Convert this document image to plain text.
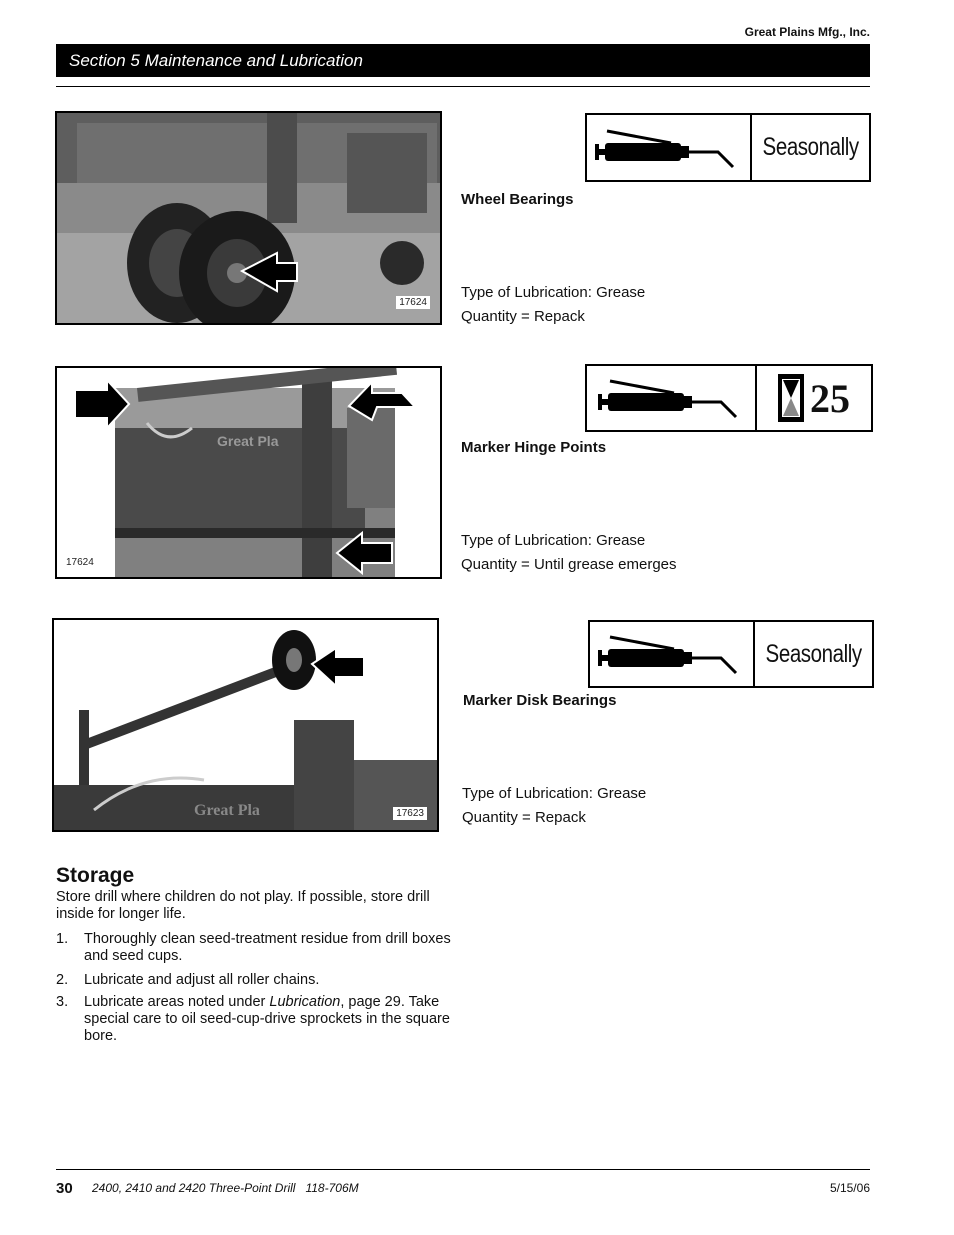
Great Plains Mfg., Inc.
Section 5 Maintenance and Lubrication
17624
Seasonally
Wheel Bearings
Type of Lubrication: Grease
Quantity = Repack
Great Pla
17624
25
Marker Hinge Points
Type of Lubrication: Grease
Quantity = Until grease emerges
Great Pla	17623
Seasonally
Marker Disk Bearings
Type of Lubrication: Grease
Quantity = Repack
Storage
Store drill where children do not play. If possible, store drill inside for longer life.
1. Thoroughly clean seed-treatment residue from drill boxes and seed cups.
2. Lubricate and adjust all roller chains.
3. Lubricate areas noted under Lubrication, page 29. Take special care to oil seed-cup-drive sprockets in the square bore.
30 2400, 2410 and 2420 Three-Point Drill   118-706M	5/15/06
